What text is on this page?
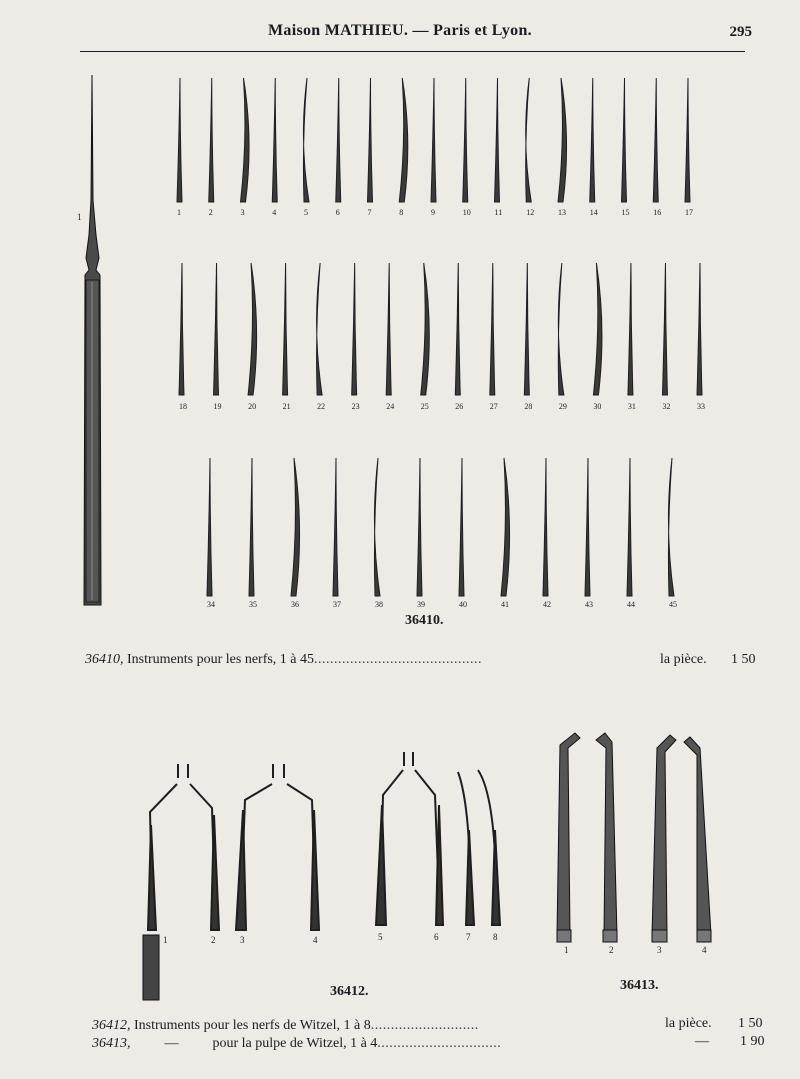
Maison MATHIEU. — Paris et Lyon.	295
1	2	3	4	5	6	7	8
1	2	3	4
1	1	2	3	4	5	6	7	8	9	10	11	12	13	14	15	16	17
18	19	20	21	22	23	24	25	26	27	28	29	30	31	32	33
34	35	36	37	38	39	40	41	42	43	44	45
36410.
36412.	36413.
36410, Instruments pour les nerfs, 1 à 45..........................................	la pièce. 1 50
36412, Instruments pour les nerfs de Witzel, 1 à 8...........................	la pièce. 1 50
36413, — pour la pulpe de Witzel, 1 à 4...............................	— 1 90
